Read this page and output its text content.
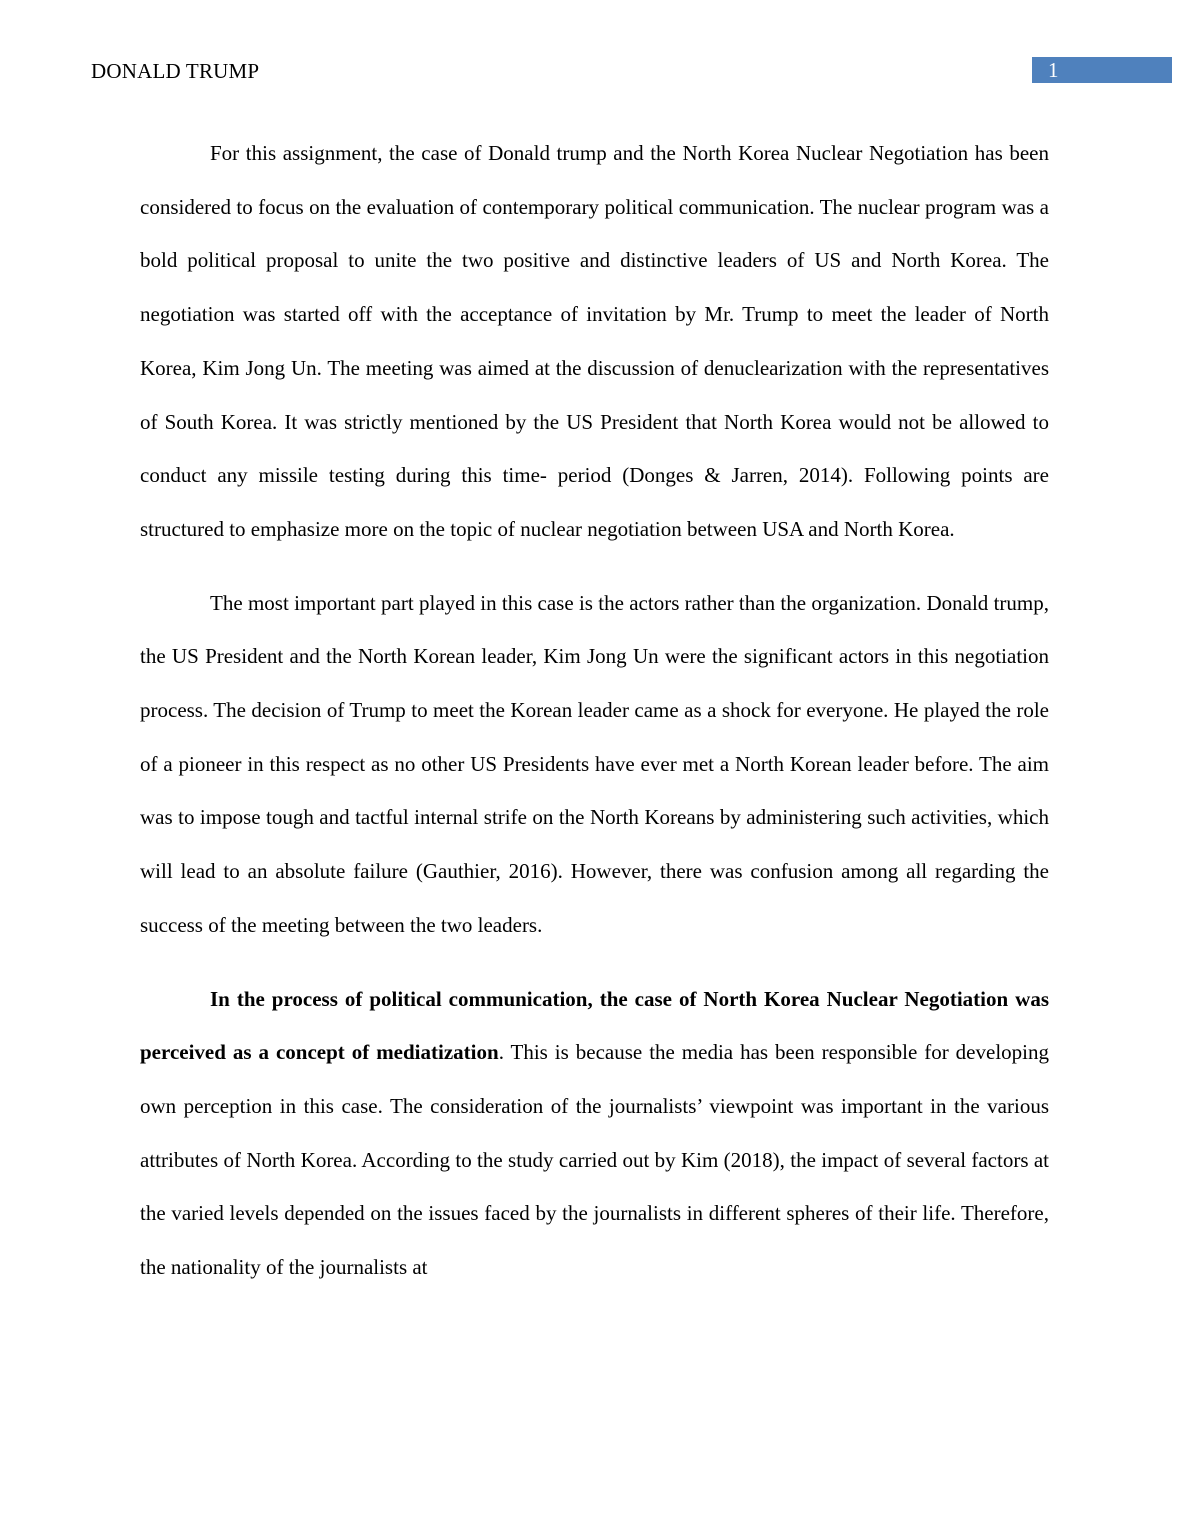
DONALD TRUMP	1

For this assignment, the case of Donald trump and the North Korea Nuclear Negotiation has been considered to focus on the evaluation of contemporary political communication. The nuclear program was a bold political proposal to unite the two positive and distinctive leaders of US and North Korea. The negotiation was started off with the acceptance of invitation by Mr. Trump to meet the leader of North Korea, Kim Jong Un. The meeting was aimed at the discussion of denuclearization with the representatives of South Korea. It was strictly mentioned by the US President that North Korea would not be allowed to conduct any missile testing during this time- period (Donges & Jarren, 2014). Following points are structured to emphasize more on the topic of nuclear negotiation between USA and North Korea.

The most important part played in this case is the actors rather than the organization. Donald trump, the US President and the North Korean leader, Kim Jong Un were the significant actors in this negotiation process. The decision of Trump to meet the Korean leader came as a shock for everyone. He played the role of a pioneer in this respect as no other US Presidents have ever met a North Korean leader before. The aim was to impose tough and tactful internal strife on the North Koreans by administering such activities, which will lead to an absolute failure (Gauthier, 2016). However, there was confusion among all regarding the success of the meeting between the two leaders.

In the process of political communication, the case of North Korea Nuclear Negotiation was perceived as a concept of mediatization. This is because the media has been responsible for developing own perception in this case. The consideration of the journalists’ viewpoint was important in the various attributes of North Korea. According to the study carried out by Kim (2018), the impact of several factors at the varied levels depended on the issues faced by the journalists in different spheres of their life. Therefore, the nationality of the journalists at
